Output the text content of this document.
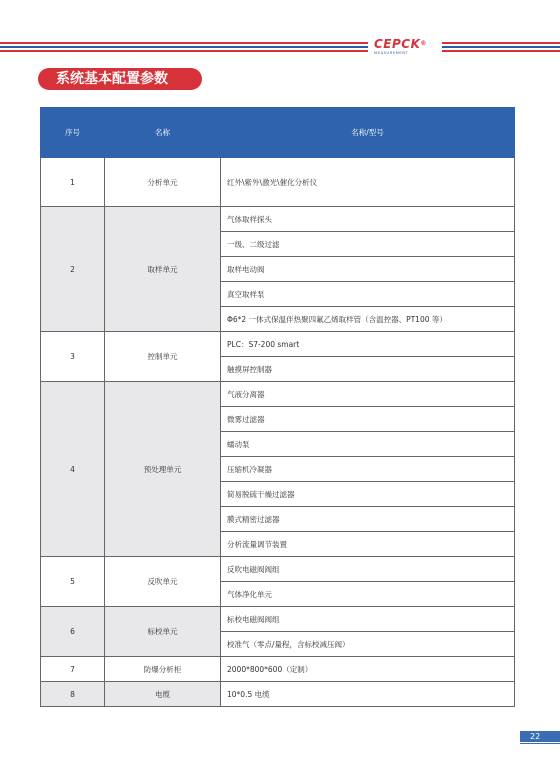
CEPCK®
MEASUREMENT
系统基本配置参数
序号	名称	名称/型号
1	分析单元	红外\紫外\激光\催化分析仪
2	取样单元	气体取样探头
		一级、二级过滤
		取样电动阀
		真空取样泵
		Φ6*2 一体式保温伴热聚四氟乙烯取样管（含温控器、PT100 等）
3	控制单元	PLC：S7-200 smart
		触摸屏控制器
4	预处理单元	气液分离器
		微雾过滤器
		蠕动泵
		压缩机冷凝器
		简易脱硫干燥过滤器
		膜式精密过滤器
		分析流量调节装置
5	反吹单元	反吹电磁阀阀组
		气体净化单元
6	标校单元	标校电磁阀阀组
		校准气（零点/量程，含标校减压阀）
7	防爆分析柜	2000*800*600（定制）
8	电缆	10*0.5 电缆
22
